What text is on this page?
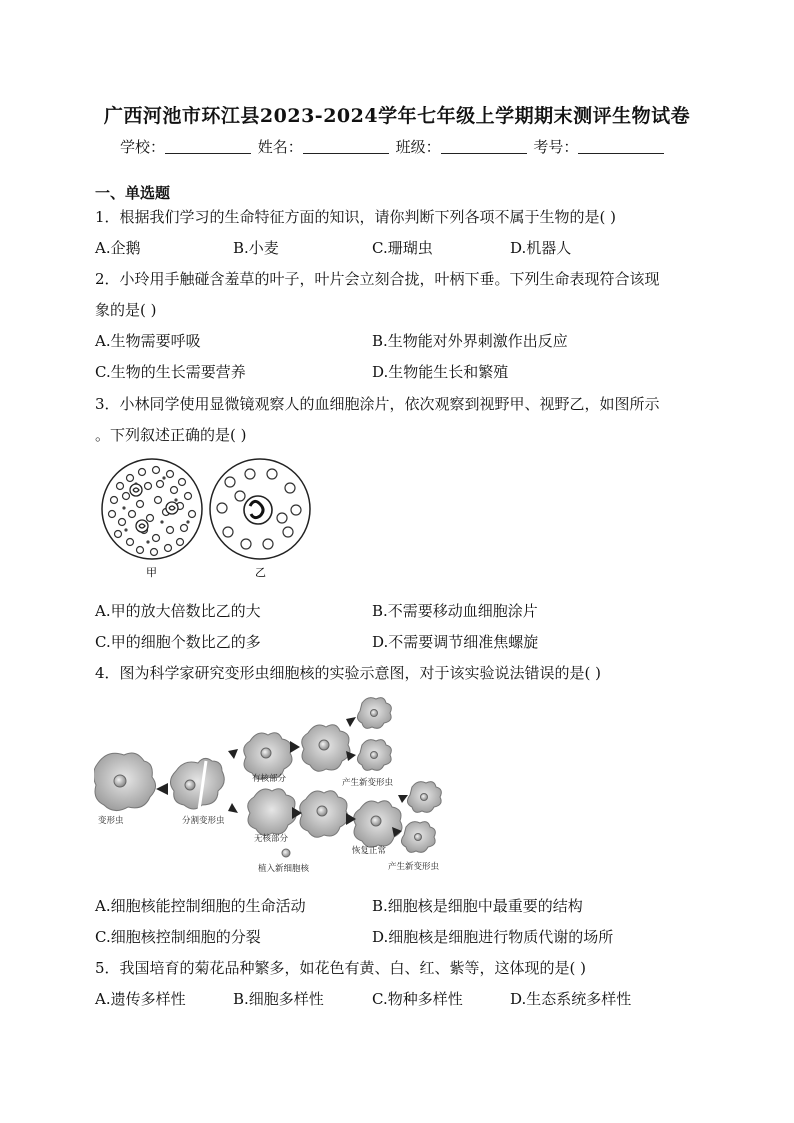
广西河池市环江县2023-2024学年七年级上学期期末测评生物试卷
学校：	姓名：	班级：	考号：
一、单选题
1．根据我们学习的生命特征方面的知识，请你判断下列各项不属于生物的是( )
A.企鹅	B.小麦	C.珊瑚虫	D.机器人
2．小玲用手触碰含羞草的叶子，叶片会立刻合拢，叶柄下垂。下列生命表现符合该现
象的是( )
A.生物需要呼吸	B.生物能对外界刺激作出反应
C.生物的生长需要营养	D.生物能生长和繁殖
3．小林同学使用显微镜观察人的血细胞涂片，依次观察到视野甲、视野乙，如图所示
。下列叙述正确的是( )
甲	乙
A.甲的放大倍数比乙的大	B.不需要移动血细胞涂片
C.甲的细胞个数比乙的多	D.不需要调节细准焦螺旋
4．图为科学家研究变形虫细胞核的实验示意图，对于该实验说法错误的是( )
变形虫	分割变形虫
有核部分	产生新变形虫
无核部分
植入新细胞核
恢复正常
产生新变形虫
A.细胞核能控制细胞的生命活动	B.细胞核是细胞中最重要的结构
C.细胞核控制细胞的分裂	D.细胞核是细胞进行物质代谢的场所
5．我国培育的菊花品种繁多，如花色有黄、白、红、紫等，这体现的是( )
A.遗传多样性	B.细胞多样性	C.物种多样性	D.生态系统多样性
